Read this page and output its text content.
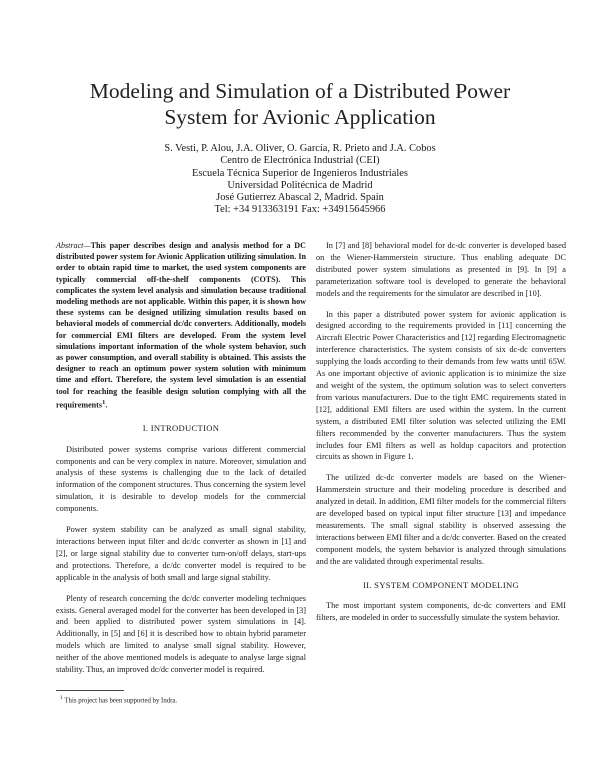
Modeling and Simulation of a Distributed Power
System for Avionic Application
S. Vesti, P. Alou, J.A. Oliver, O. García, R. Prieto and J.A. Cobos
Centro de Electrónica Industrial (CEI)
Escuela Técnica Superior de Ingenieros Industriales
Universidad Politécnica de Madrid
José Gutierrez Abascal 2, Madrid. Spain
Tel: +34 913363191 Fax: +34915645966
Abstract—This paper describes design and analysis method for a DC distributed power system for Avionic Application utilizing simulation. In order to obtain rapid time to market, the used system components are typically commercial off-the-shelf components (COTS). This complicates the system level analysis and simulation because traditional modeling methods are not applicable. Within this paper, it is shown how these systems can be designed utilizing simulation results based on behavioral models of commercial dc/dc converters. Additionally, models for commercial EMI filters are developed. From the system level simulations important information of the whole system behavior, such as power consumption, and overall stability is obtained. This assists the designer to reach an optimum power system solution with minimum time and effort. Therefore, the system level simulation is an essential tool for reaching the feasible design solution complying with all the requirements$^1$.
I. INTRODUCTION

Distributed power systems comprise various different commercial components and can be very complex in nature. Moreover, simulation and analysis of these systems is challenging due to the lack of detailed information of the component structures. Thus concerning the system level simulation, it is desirable to develop models for the commercial components.

Power system stability can be analyzed as small signal stability, interactions between input filter and dc/dc converter as shown in [1] and [2], or large signal stability due to converter turn-on/off delays, start-ups and protections. Therefore, a dc/dc converter model is required to be applicable in the analysis of both small and large signal stability.

Plenty of research concerning the dc/dc converter modeling techniques exists. General averaged model for the converter has been developed in [3] and been applied to distributed power system simulations in [4]. Additionally, in [5] and [6] it is described how to obtain hybrid parameter models which are limited to analyse small signal stability. However, neither of the above mentioned models is adequate to analyse large signal stability. Thus, an improved dc/dc converter model is required.

$^1$ This project has been supported by Indra.

In [7] and [8] behavioral model for dc-dc converter is developed based on the Wiener-Hammerstein structure. Thus enabling adequate DC distributed power system simulations as presented in [9]. In [9] a parameterization software tool is developed to generate the behavioral models and the requirements for the simulator are described in [10].

In this paper a distributed power system for avionic application is designed according to the requirements provided in [11] concerning the Aircraft Electric Power Characteristics and [12] regarding Electromagnetic interference characteristics. The system consists of six dc-dc converters supplying the loads according to their demands from few watts until 65W. As one important objective of avionic application is to minimize the size and weight of the system, the optimum solution was to select converters from various manufacturers. Due to the tight EMC requirements stated in [12], additional EMI filters are used within the system. In the current system, a distributed EMI filter solution was selected utilizing the EMI filters recommended by the converter manufacturers. Thus the system includes four EMI filters as well as holdup capacitors and protection circuits as shown in Figure 1.

The utilized dc-dc converter models are based on the Wiener-Hammerstein structure and their modeling procedure is described and analyzed in detail. In addition, EMI filter models for the commercial filters are developed based on typical input filter structure [13] and impedance measurements. The small signal stability is observed assessing the interactions between EMI filter and a dc/dc converter. Based on the created component models, the system behavior is analyzed through simulations and the are validated through experimental results.

II. SYSTEM COMPONENT MODELING

The most important system components, dc-dc converters and EMI filters, are modeled in order to successfully simulate the system behavior.
